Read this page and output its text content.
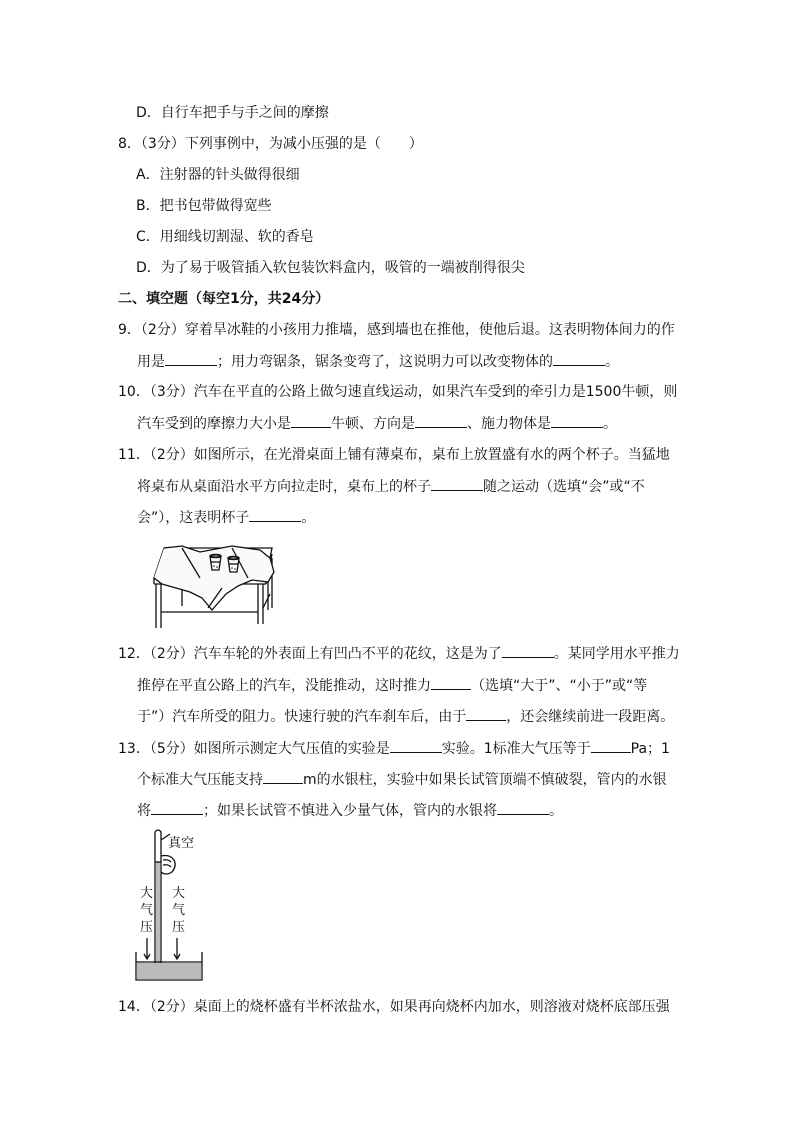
D．自行车把手与手之间的摩擦
8．（3分）下列事例中，为减小压强的是（　　）
A．注射器的针头做得很细
B．把书包带做得宽些
C．用细线切割湿、软的香皂
D．为了易于吸管插入软包装饮料盒内，吸管的一端被削得很尖
二、填空题（每空1分，共24分）
9．（2分）穿着旱冰鞋的小孩用力推墙，感到墙也在推他，使他后退。这表明物体间力的作
用是	；用力弯锯条，锯条变弯了，这说明力可以改变物体的	。
10．（3分）汽车在平直的公路上做匀速直线运动，如果汽车受到的牵引力是1500牛顿，则
汽车受到的摩擦力大小是	牛顿、方向是	、施力物体是	。
11．（2分）如图所示，在光滑桌面上铺有薄桌布，桌布上放置盛有水的两个杯子。当猛地
将桌布从桌面沿水平方向拉走时，桌布上的杯子	随之运动（选填“会”或“不
会”），这表明杯子	。
12．（2分）汽车车轮的外表面上有凹凸不平的花纹，这是为了	。某同学用水平推力
推停在平直公路上的汽车，没能推动，这时推力	（选填“大于”、“小于”或“等
于”）汽车所受的阻力。快速行驶的汽车刹车后，由于	，还会继续前进一段距离。
13．（5分）如图所示测定大气压值的实验是	实验。1标准大气压等于	Pa；1
个标准大气压能支持	m的水银柱，实验中如果长试管顶端不慎破裂，管内的水银
将	；如果长试管不慎进入少量气体，管内的水银将	。
真空
大
气
压
大
气
压
14．（2分）桌面上的烧杯盛有半杯浓盐水，如果再向烧杯内加水，则溶液对烧杯底部压强
